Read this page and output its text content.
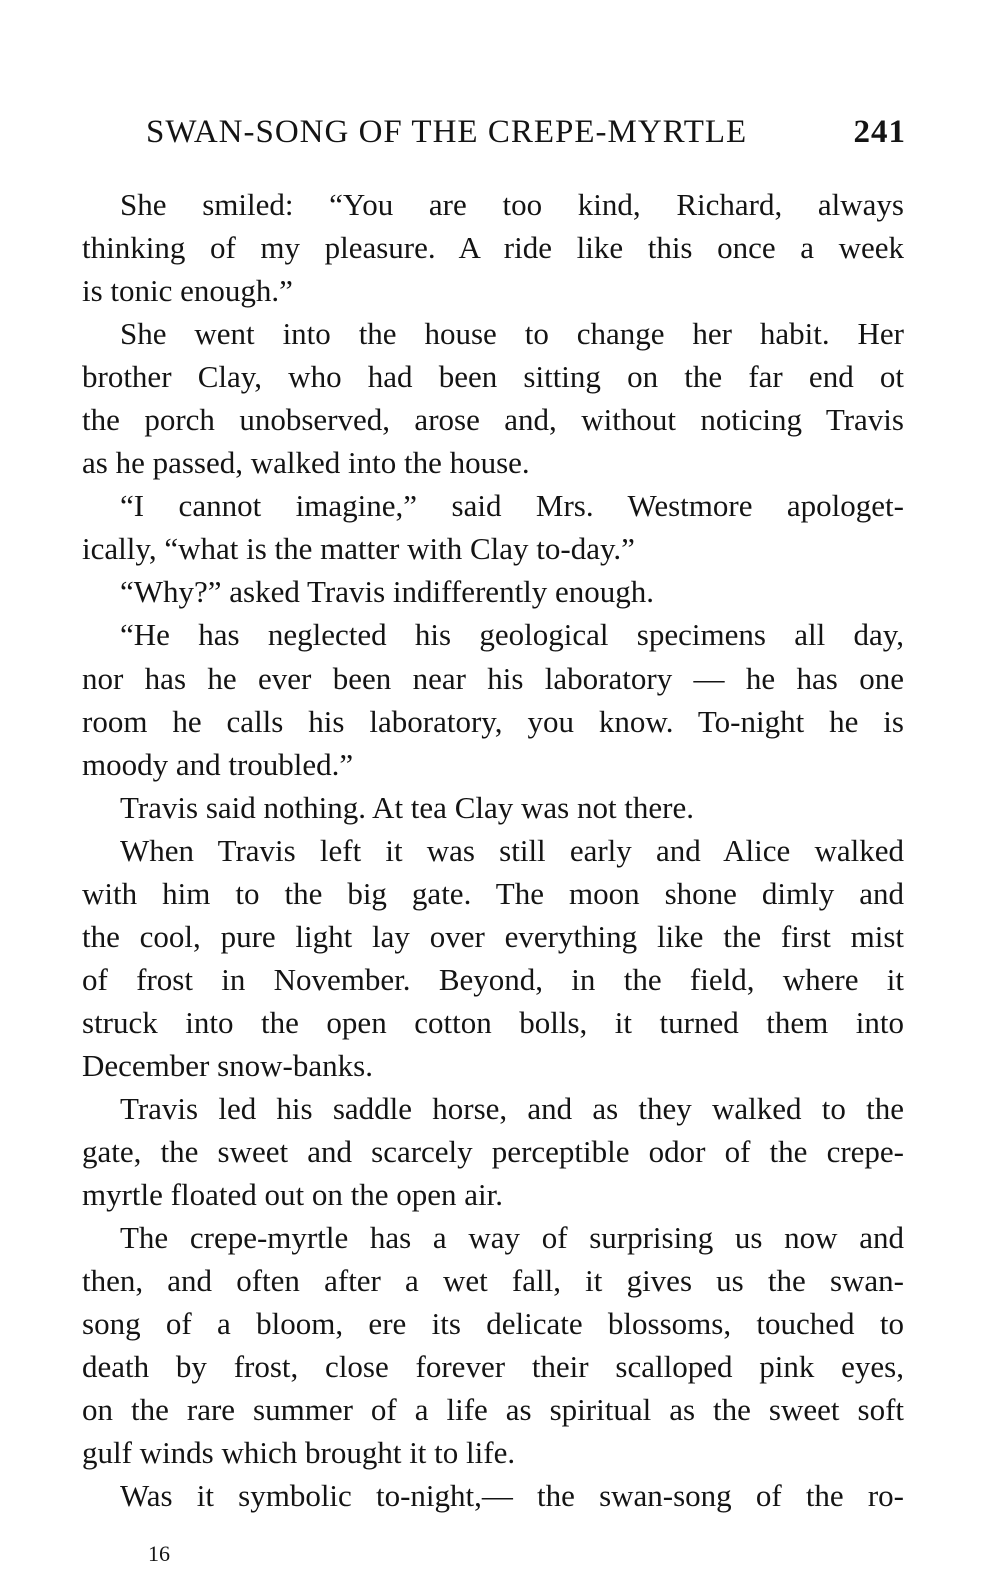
SWAN-SONG OF THE CREPE-MYRTLE	241
She smiled: “You are too kind, Richard, always
thinking of my pleasure. A ride like this once a week
is tonic enough.”
She went into the house to change her habit. Her
brother Clay, who had been sitting on the far end ot
the porch unobserved, arose and, without noticing Travis
as he passed, walked into the house.
“I cannot imagine,” said Mrs. Westmore apologet-
ically, “what is the matter with Clay to-day.”
“Why?” asked Travis indifferently enough.
“He has neglected his geological specimens all day,
nor has he ever been near his laboratory — he has one
room he calls his laboratory, you know. To-night he is
moody and troubled.”
Travis said nothing. At tea Clay was not there.
When Travis left it was still early and Alice walked
with him to the big gate. The moon shone dimly and
the cool, pure light lay over everything like the first mist
of frost in November. Beyond, in the field, where it
struck into the open cotton bolls, it turned them into
December snow-banks.
Travis led his saddle horse, and as they walked to the
gate, the sweet and scarcely perceptible odor of the crepe-
myrtle floated out on the open air.
The crepe-myrtle has a way of surprising us now and
then, and often after a wet fall, it gives us the swan-
song of a bloom, ere its delicate blossoms, touched to
death by frost, close forever their scalloped pink eyes,
on the rare summer of a life as spiritual as the sweet soft
gulf winds which brought it to life.
Was it symbolic to-night,— the swan-song of the ro-
16
